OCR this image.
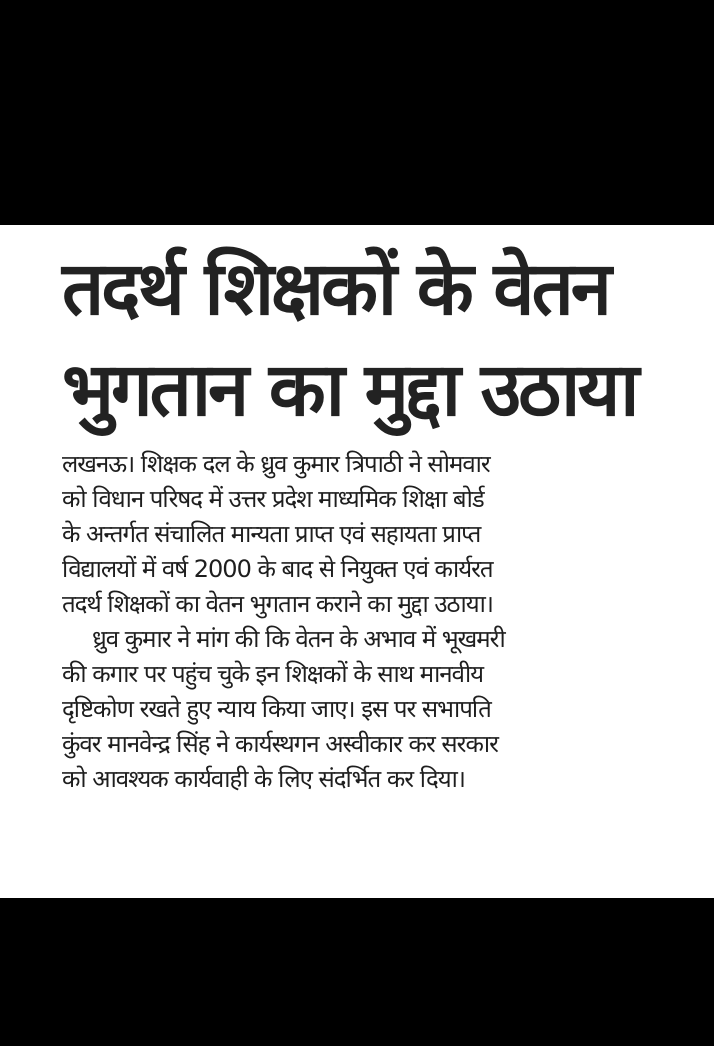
तदर्थ शिक्षकों के वेतन
भुगतान का मुद्दा उठाया
लखनऊ। शिक्षक दल के ध्रुव कुमार त्रिपाठी ने सोमवार
को विधान परिषद में उत्तर प्रदेश माध्यमिक शिक्षा बोर्ड
के अन्तर्गत संचालित मान्यता प्राप्त एवं सहायता प्राप्त
विद्यालयों में वर्ष 2000 के बाद से नियुक्त एवं कार्यरत
तदर्थ शिक्षकों का वेतन भुगतान कराने का मुद्दा उठाया।
ध्रुव कुमार ने मांग की कि वेतन के अभाव में भूखमरी
की कगार पर पहुंच चुके इन शिक्षकों के साथ मानवीय
दृष्टिकोण रखते हुए न्याय किया जाए। इस पर सभापति
कुंवर मानवेन्द्र सिंह ने कार्यस्थगन अस्वीकार कर सरकार
को आवश्यक कार्यवाही के लिए संदर्भित कर दिया।
